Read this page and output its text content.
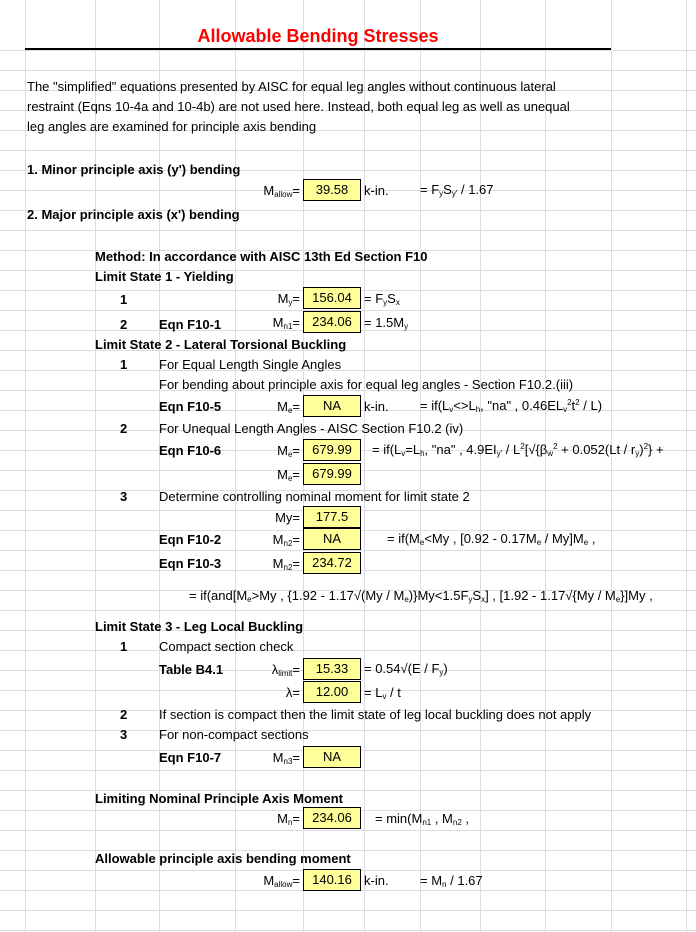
Allowable Bending Stresses
The "simplified" equations presented by AISC for equal leg angles without continuous lateral
restraint (Eqns 10-4a and 10-4b) are not used here. Instead, both equal leg as well as unequal
leg angles are examined for principle axis bending
1. Minor principle axis (y') bending
$M_{allow}=$	39.58	k-in. = $F_yS_{y'} / 1.67$
2. Major principle axis (x') bending
Method: In accordance with AISC 13th Ed Section F10
Limit State 1 - Yielding
1	$M_y= 156.04 = F_yS_x$
2 Eqn F10-1	$M_{n1}= 234.06 = 1.5M_y$
Limit State 2 - Lateral Torsional Buckling
1 For Equal Length Single Angles
For bending about principle axis for equal leg angles - Section F10.2.(iii)
Eqn F10-5	$M_e=$	NA	k-in. = $if(L_v<>L_h$, "na" , $0.46EL_v^2t^2 / L$)
2 For Unequal Length Angles - AISC Section F10.2 (iv)
Eqn F10-6	$M_e= 679.99$	= $if(L_v=L_h$, "na" , $4.9EI_{y'} / L^2[√\{\beta_w^2 + 0.052(Lt / r_y)^2\}$ +
$M_e= 679.99$
3 Determine controlling nominal moment for limit state 2
My=	177.5
Eqn F10-2	$M_{n2}=$	NA	= $if(M_e<My$ , $[0.92 - 0.17M_e / My]M_e$ ,
Eqn F10-3	$M_{n2}= 234.72$
= $if(and[M_e>My$ , $\{1.92 - 1.17√(My / M_e)\}My<1.5F_yS_x$] , $[1.92 - 1.17√\{My / M_e\}]My$ ,
Limit State 3 - Leg Local Buckling
1 Compact section check
Table B4.1	$\lambda_{limit}=$	15.33	= $0.54√(E / F_y)$
λ=	12.00	= $L_v$ / t
2 If section is compact then the limit state of leg local buckling does not apply
3 For non-compact sections
Eqn F10-7	$M_{n3}=$	NA
Limiting Nominal Principle Axis Moment
$M_n= 234.06$	= $\min(M_{n1}$ , $M_{n2}$ ,
Allowable principle axis bending moment
$M_{allow}= 140.16$ k-in. = $M_n / 1.67$
